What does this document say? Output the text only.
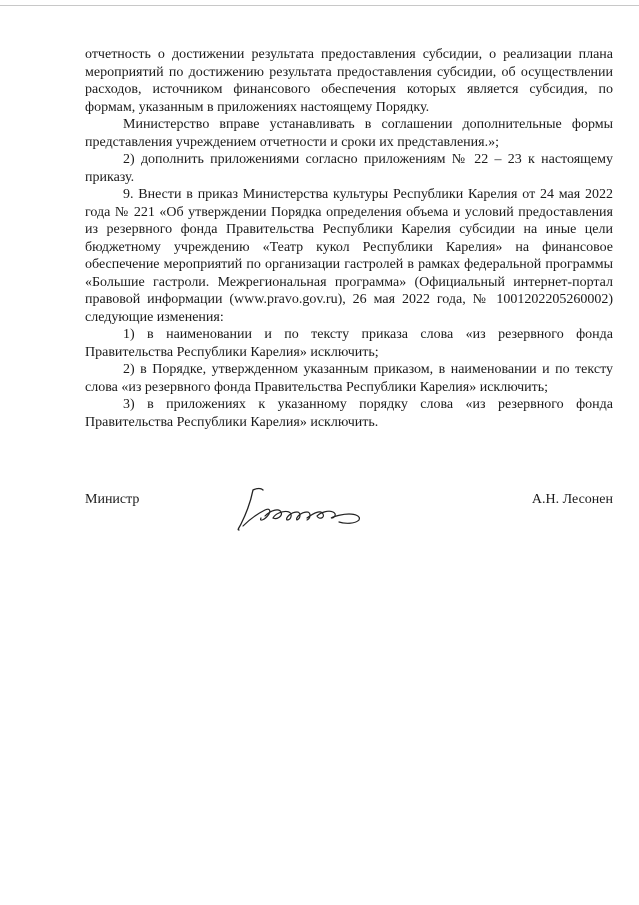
отчетность о достижении результата предоставления субсидии, о реализации плана мероприятий по достижению результата предоставления субсидии, об осуществлении расходов, источником финансового обеспечения которых является субсидия, по формам, указанным в приложениях настоящему Порядку.

Министерство вправе устанавливать в соглашении дополнительные формы представления учреждением отчетности и сроки их представления.»;

2) дополнить приложениями согласно приложениям № 22 – 23 к настоящему приказу.

9. Внести в приказ Министерства культуры Республики Карелия от 24 мая 2022 года № 221 «Об утверждении Порядка определения объема и условий предоставления из резервного фонда Правительства Республики Карелия субсидии на иные цели бюджетному учреждению «Театр кукол Республики Карелия» на финансовое обеспечение мероприятий по организации гастролей в рамках федеральной программы «Большие гастроли. Межрегиональная программа» (Официальный интернет-портал правовой информации (www.pravo.gov.ru), 26 мая 2022 года, № 1001202205260002) следующие изменения:

1) в наименовании и по тексту приказа слова «из резервного фонда Правительства Республики Карелия» исключить;

2) в Порядке, утвержденном указанным приказом, в наименовании и по тексту слова «из резервного фонда Правительства Республики Карелия» исключить;

3) в приложениях к указанному порядку слова «из резервного фонда Правительства Республики Карелия» исключить.

Министр	А.Н. Лесонен
